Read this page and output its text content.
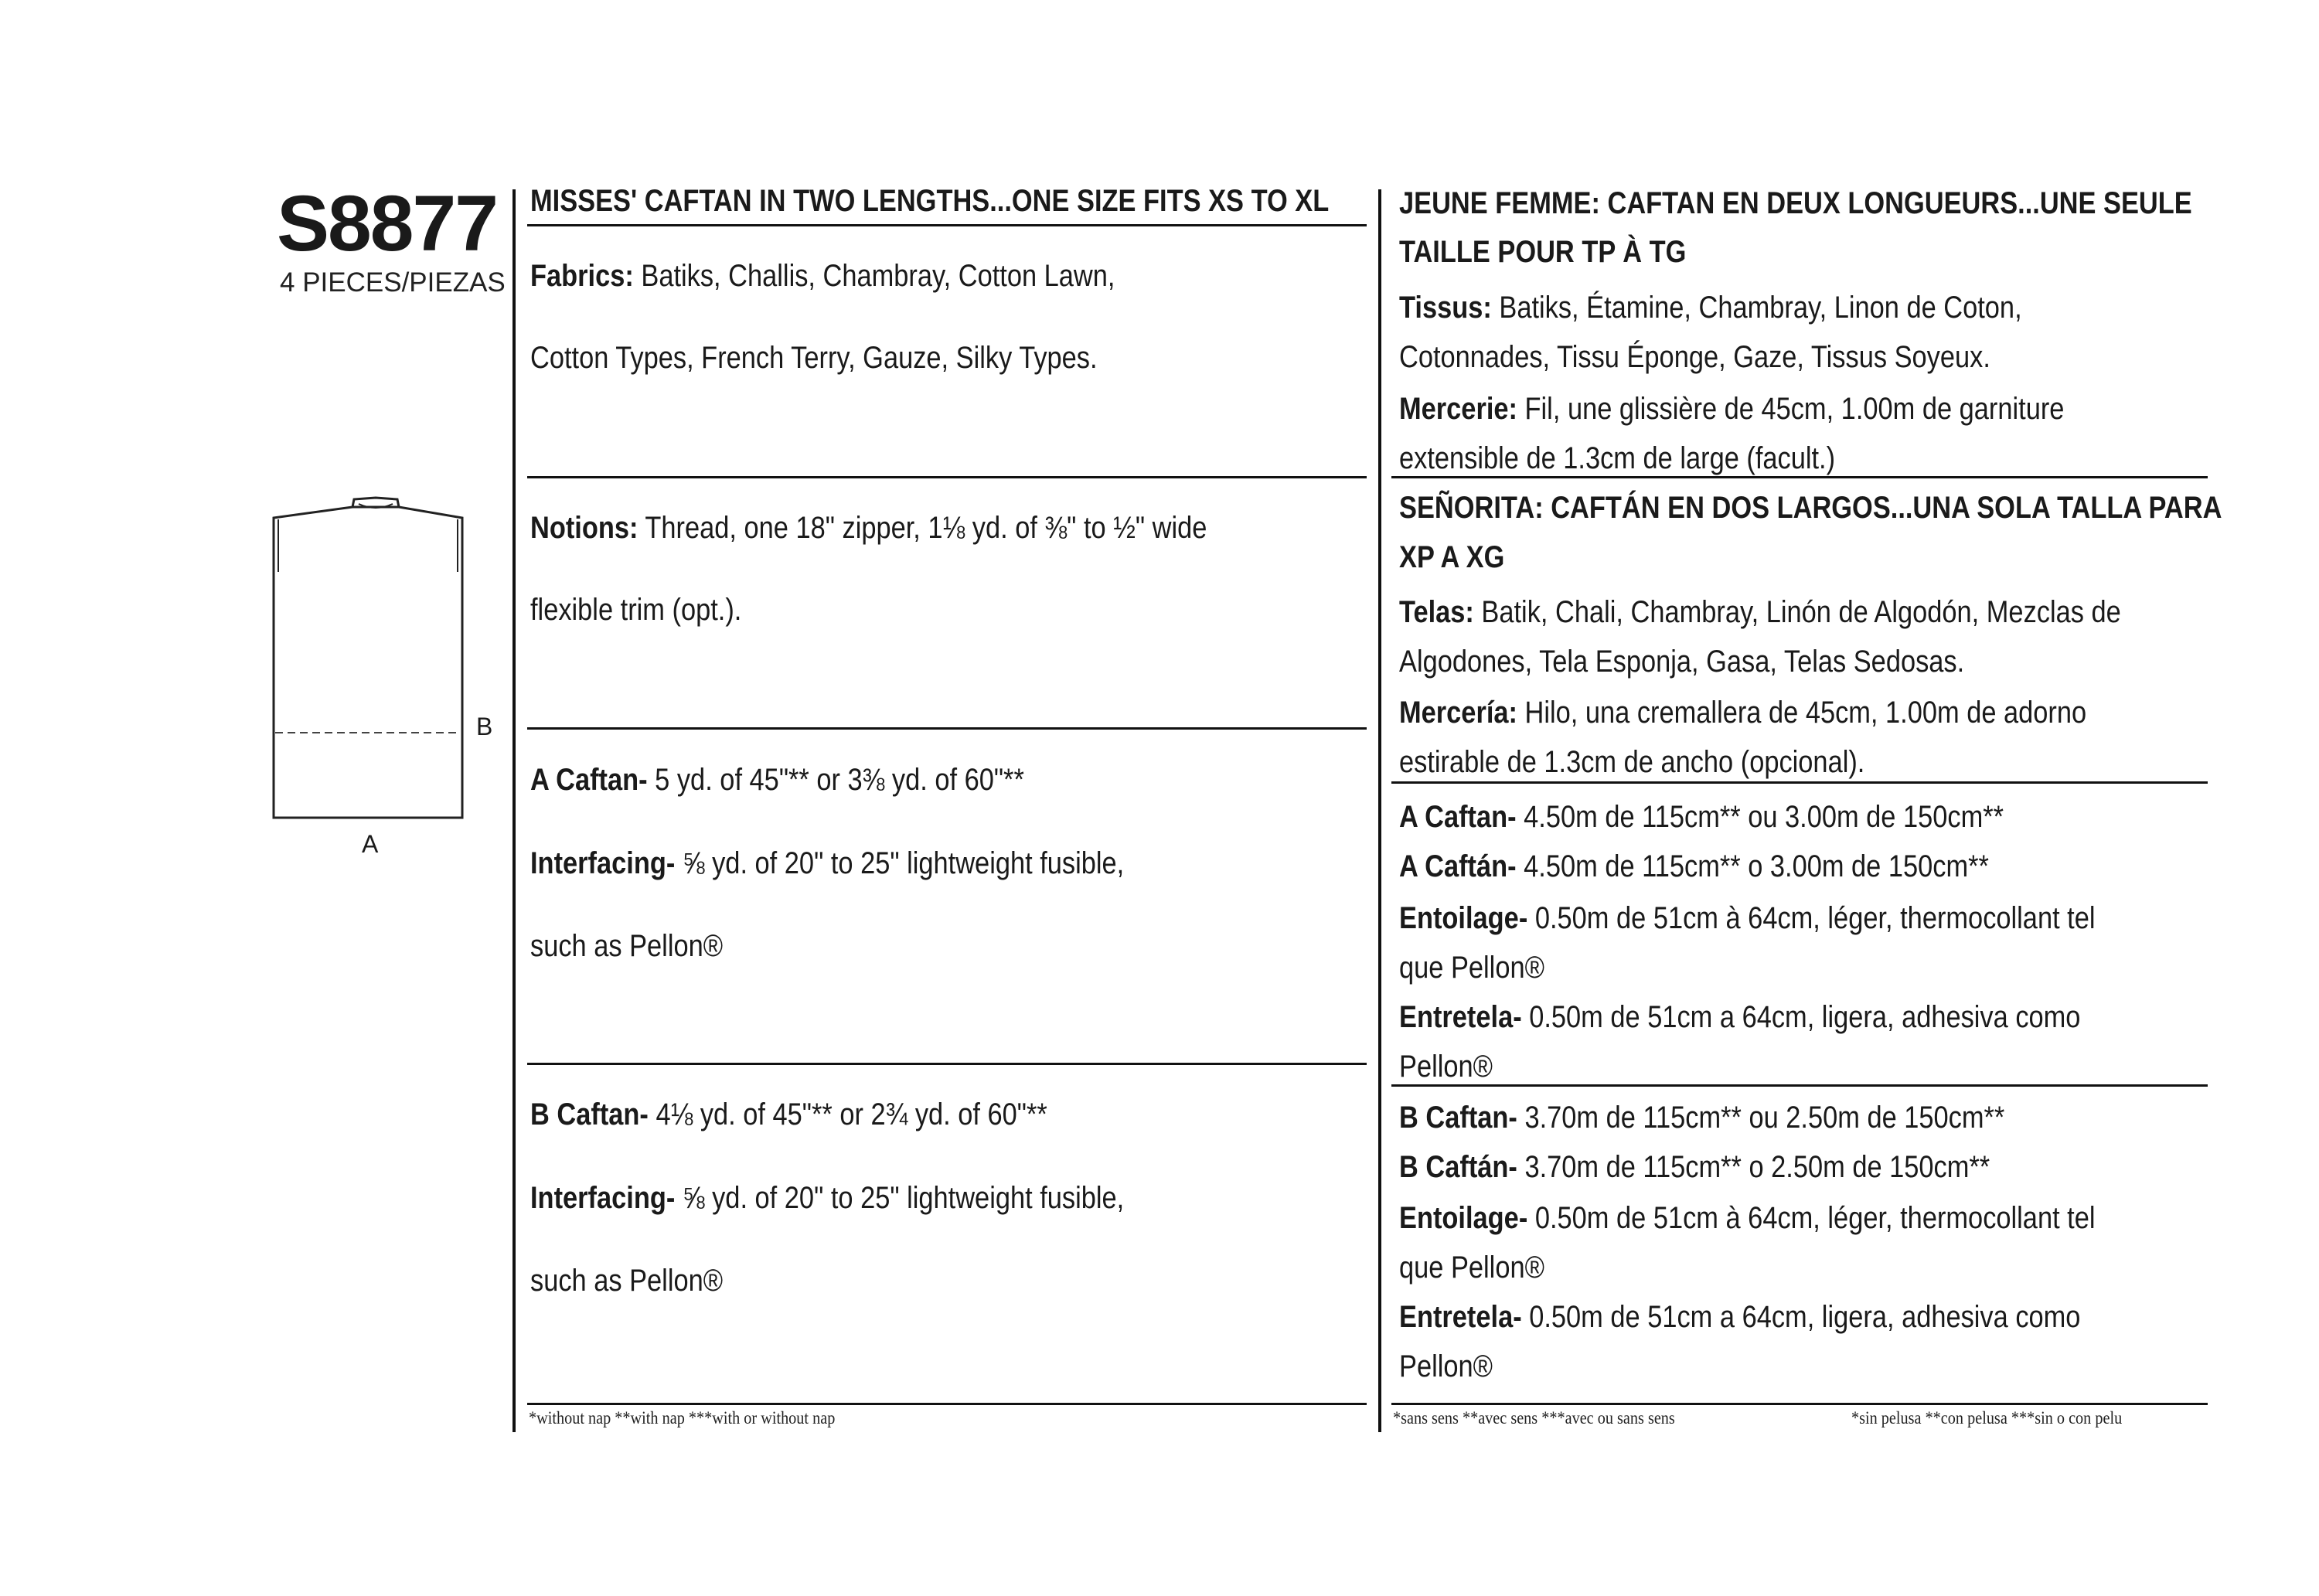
S8877
4 PIECES/PIEZAS
B
A
MISSES' CAFTAN IN TWO LENGTHS...ONE SIZE FITS XS TO XL
Fabrics: Batiks, Challis, Chambray, Cotton Lawn,
Cotton Types, French Terry, Gauze, Silky Types.
Notions: Thread, one 18" zipper, 1⅛ yd. of ⅜" to ½" wide
flexible trim (opt.).
A Caftan- 5 yd. of 45"** or 3⅜ yd. of 60"**
Interfacing- ⅝ yd. of 20" to 25" lightweight fusible,
such as Pellon®
B Caftan- 4⅛ yd. of 45"** or 2¾ yd. of 60"**
Interfacing- ⅝ yd. of 20" to 25" lightweight fusible,
such as Pellon®
*without nap **with nap ***with or without nap
JEUNE FEMME: CAFTAN EN DEUX LONGUEURS...UNE SEULE
TAILLE POUR TP À TG
Tissus: Batiks, Étamine, Chambray, Linon de Coton,
Cotonnades, Tissu Éponge, Gaze, Tissus Soyeux.
Mercerie: Fil, une glissière de 45cm, 1.00m de garniture
extensible de 1.3cm de large (facult.)
SEÑORITA: CAFTÁN EN DOS LARGOS...UNA SOLA TALLA PARA
XP A XG
Telas: Batik, Chali, Chambray, Linón de Algodón, Mezclas de
Algodones, Tela Esponja, Gasa, Telas Sedosas.
Mercería: Hilo, una cremallera de 45cm, 1.00m de adorno
estirable de 1.3cm de ancho (opcional).
A Caftan- 4.50m de 115cm** ou 3.00m de 150cm**
A Caftán- 4.50m de 115cm** o 3.00m de 150cm**
Entoilage- 0.50m de 51cm à 64cm, léger, thermocollant tel
que Pellon®
Entretela- 0.50m de 51cm a 64cm, ligera, adhesiva como
Pellon®
B Caftan- 3.70m de 115cm** ou 2.50m de 150cm**
B Caftán- 3.70m de 115cm** o 2.50m de 150cm**
Entoilage- 0.50m de 51cm à 64cm, léger, thermocollant tel
que Pellon®
Entretela- 0.50m de 51cm a 64cm, ligera, adhesiva como
Pellon®
*sans sens **avec sens ***avec ou sans sens	*sin pelusa **con pelusa ***sin o con pelu
